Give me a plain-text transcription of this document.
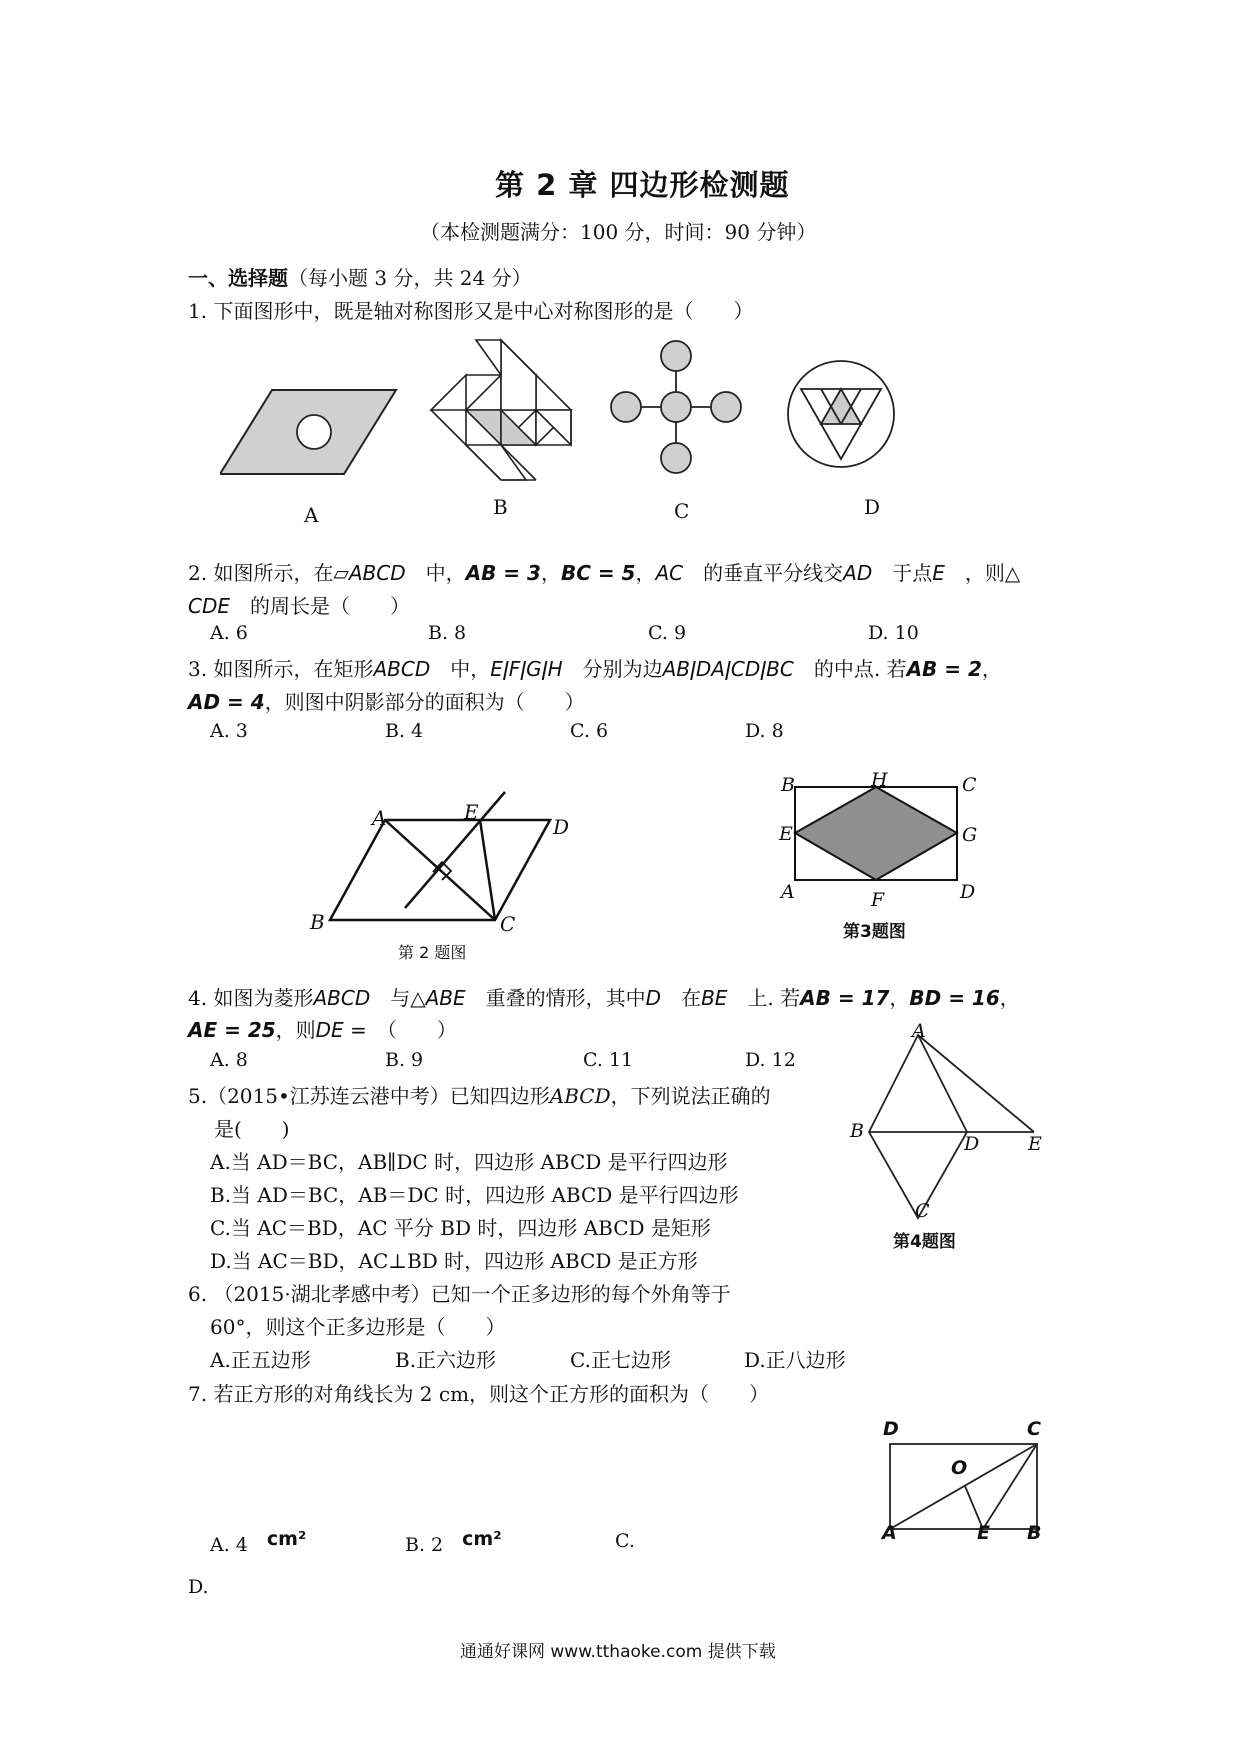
第 2 章 四边形检测题
（本检测题满分：100 分，时间：90 分钟）
一、选择题（每小题 3 分，共 24 分）
1. 下面图形中，既是轴对称图形又是中心对称图形的是（　　）
A	B	C	D
2. 如图所示，在▱ABCD　 中，AB = 3，BC = 5，AC　 的垂直平分线交AD　 于点E　 ，则△
CDE　 的周长是（　　）
A. 6	B. 8	C. 9	D. 10
3. 如图所示，在矩形ABCD　 中，EǀFǀGǀH　 分别为边ABǀDAǀCDǀBC　 的中点. 若AB = 2，
AD = 4，则图中阴影部分的面积为（　　）
A. 3	B. 4	C. 6	D. 8
A	E
D
B	C
第 2 题图
B	H	C
E	G
A	F	D
第3题图
4. 如图为菱形ABCD　 与△ABE　 重叠的情形，其中D　 在BE　 上. 若AB = 17，BD = 16，
AE = 25，则DE =　 （　　）
A. 8	B. 9	C. 11	D. 12
A
B
D	E
C
第4题图
5.（2015•江苏连云港中考）已知四边形ABCD，下列说法正确的
是(　　)
A.当 AD＝BC，AB∥DC 时，四边形 ABCD 是平行四边形
B.当 AD＝BC，AB＝DC 时，四边形 ABCD 是平行四边形
C.当 AC＝BD，AC 平分 BD 时，四边形 ABCD 是矩形
D.当 AC＝BD，AC⊥BD 时，四边形 ABCD 是正方形
6. （2015·湖北孝感中考）已知一个正多边形的每个外角等于
60°，则这个正多边形是（　　）
A.正五边形	B.正六边形	C.正七边形	D.正八边形
7. 若正方形的对角线长为 2 cm，则这个正方形的面积为（　　）
A. 4　 cm²	B. 2　 cm²	C.
D.
D	C
O
A	E B
通通好课网 www.tthaoke.com 提供下载
